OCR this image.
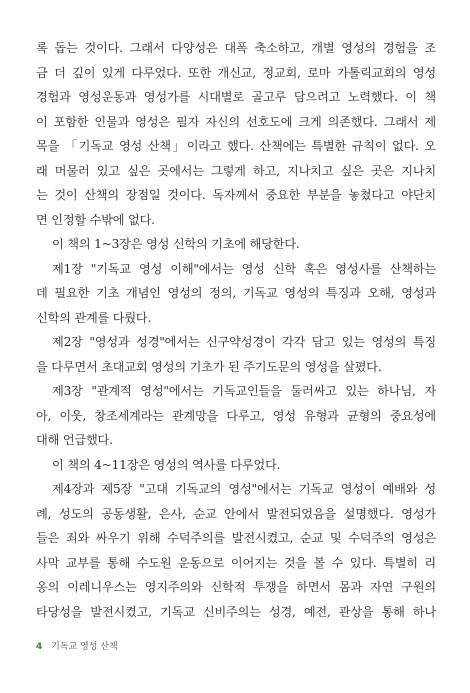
록 돕는 것이다. 그래서 다양성은 대폭 축소하고, 개별 영성의 경험을 조
금 더 깊이 있게 다루었다. 또한 개신교, 정교회, 로마 가톨릭교회의 영성
경험과 영성운동과 영성가를 시대별로 골고루 담으려고 노력했다. 이 책
이 포함한 인물과 영성은 필자 자신의 선호도에 크게 의존했다. 그래서 제
목을 「기독교 영성 산책」이라고 했다. 산책에는 특별한 규칙이 없다. 오
래 머물러 있고 싶은 곳에서는 그렇게 하고, 지나치고 싶은 곳은 지나치
는 것이 산책의 장점일 것이다. 독자께서 중요한 부분을 놓쳤다고 야단치
면 인정할 수밖에 없다.
이 책의 1~3장은 영성 신학의 기초에 해당한다.
제1장 "기독교 영성 이해"에서는 영성 신학 혹은 영성사를 산책하는
데 필요한 기초 개념인 영성의 정의, 기독교 영성의 특징과 오해, 영성과
신학의 관계를 다뤘다.
제2장 "영성과 성경"에서는 신구약성경이 각각 담고 있는 영성의 특징
을 다루면서 초대교회 영성의 기초가 된 주기도문의 영성을 살폈다.
제3장 "관계적 영성"에서는 기독교인들을 둘러싸고 있는 하나님, 자
아, 이웃, 창조세계라는 관계망을 다루고, 영성 유형과 균형의 중요성에
대해 언급했다.
이 책의 4~11장은 영성의 역사를 다루었다.
제4장과 제5장 "고대 기독교의 영성"에서는 기독교 영성이 예배와 성
례, 성도의 공동생활, 은사, 순교 안에서 발전되었음을 설명했다. 영성가
들은 죄와 싸우기 위해 수덕주의를 발전시켰고, 순교 및 수덕주의 영성은
사막 교부를 통해 수도원 운동으로 이어지는 것을 볼 수 있다. 특별히 리
옹의 이레니우스는 영지주의와 신학적 투쟁을 하면서 몸과 자연 구원의
타당성을 발전시켰고, 기독교 신비주의는 성경, 예전, 관상을 통해 하나
4 기독교 영성 산책
